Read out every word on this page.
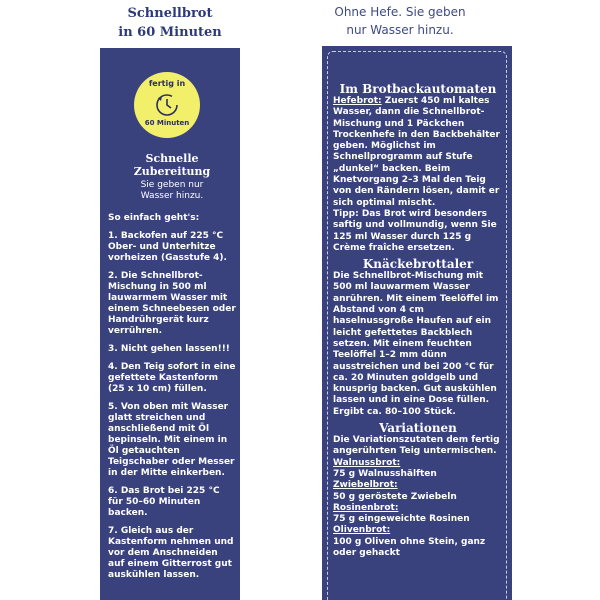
Schnellbrot
in 60 Minuten
Ohne Hefe. Sie geben
nur Wasser hinzu.
fertig in
60 Minuten
Schnelle
Zubereitung
Sie geben nur
Wasser hinzu.
So einfach geht's:
1. Backofen auf 225 °C Ober- und Unterhitze vorheizen (Gasstufe 4).
2. Die Schnellbrot-Mischung in 500 ml lauwarmem Wasser mit einem Schneebesen oder Handrührgerät kurz verrühren.
3. Nicht gehen lassen!!!
4. Den Teig sofort in eine gefettete Kastenform (25 x 10 cm) füllen.
5. Von oben mit Wasser glatt streichen und anschließend mit Öl bepinseln. Mit einem in Öl getauchten Teigschaber oder Messer in der Mitte einkerben.
6. Das Brot bei 225 °C für 50–60 Minuten backen.
7. Gleich aus der Kastenform nehmen und vor dem Anschneiden auf einem Gitterrost gut auskühlen lassen.
Im Brotbackautomaten

Hefebrot: Zuerst 450 ml kaltes Wasser, dann die Schnellbrot-Mischung und 1 Päckchen Trockenhefe in den Backbehälter geben. Möglichst im Schnellprogramm auf Stufe „dunkel“ backen. Beim Knetvorgang 2–3 Mal den Teig von den Rändern lösen, damit er sich optimal mischt.

Tipp: Das Brot wird besonders saftig und vollmundig, wenn Sie 125 ml Wasser durch 125 g Crème fraîche ersetzen.

Knäckebrottaler

Die Schnellbrot-Mischung mit 500 ml lauwarmem Wasser anrühren. Mit einem Teelöffel im Abstand von 4 cm haselnussgroße Haufen auf ein leicht gefettetes Backblech setzen. Mit einem feuchten Teelöffel 1–2 mm dünn ausstreichen und bei 200 °C für ca. 20 Minuten goldgelb und knusprig backen. Gut auskühlen lassen und in eine Dose füllen. Ergibt ca. 80–100 Stück.

Variationen

Die Variationszutaten dem fertig angerührten Teig untermischen.

Walnussbrot:
75 g Walnusshälften
Zwiebelbrot:
50 g geröstete Zwiebeln
Rosinenbrot:
75 g eingeweichte Rosinen
Olivenbrot:
100 g Oliven ohne Stein, ganz oder gehackt
